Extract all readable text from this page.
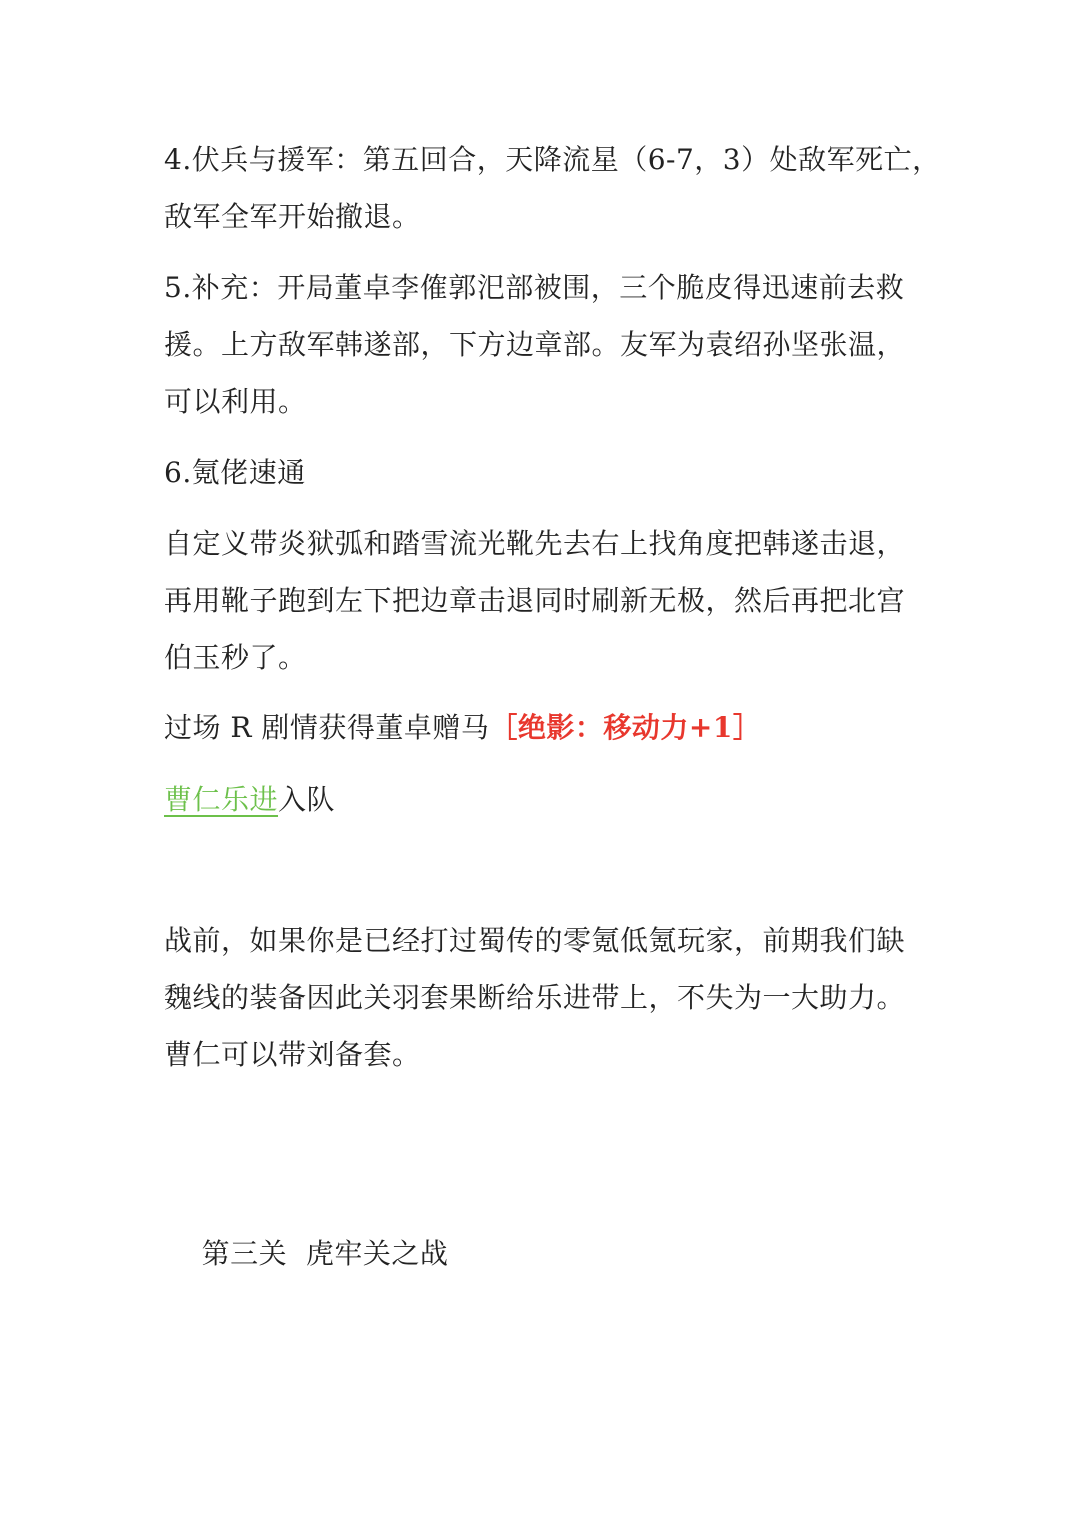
4.伏兵与援军：第五回合，天降流星（6-7，3）处敌军死亡，
敌军全军开始撤退。

5.补充：开局董卓李傕郭汜部被围，三个脆皮得迅速前去救
援。上方敌军韩遂部，下方边章部。友军为袁绍孙坚张温，
可以利用。

6.氪佬速通

自定义带炎狱弧和踏雪流光靴先去右上找角度把韩遂击退，
再用靴子跑到左下把边章击退同时刷新无极，然后再把北宫
伯玉秒了。

过场 R 剧情获得董卓赠马［绝影：移动力+1］

曹仁乐进入队

战前，如果你是已经打过蜀传的零氪低氪玩家，前期我们缺
魏线的装备因此关羽套果断给乐进带上，不失为一大助力。
曹仁可以带刘备套。

第三关  虎牢关之战
